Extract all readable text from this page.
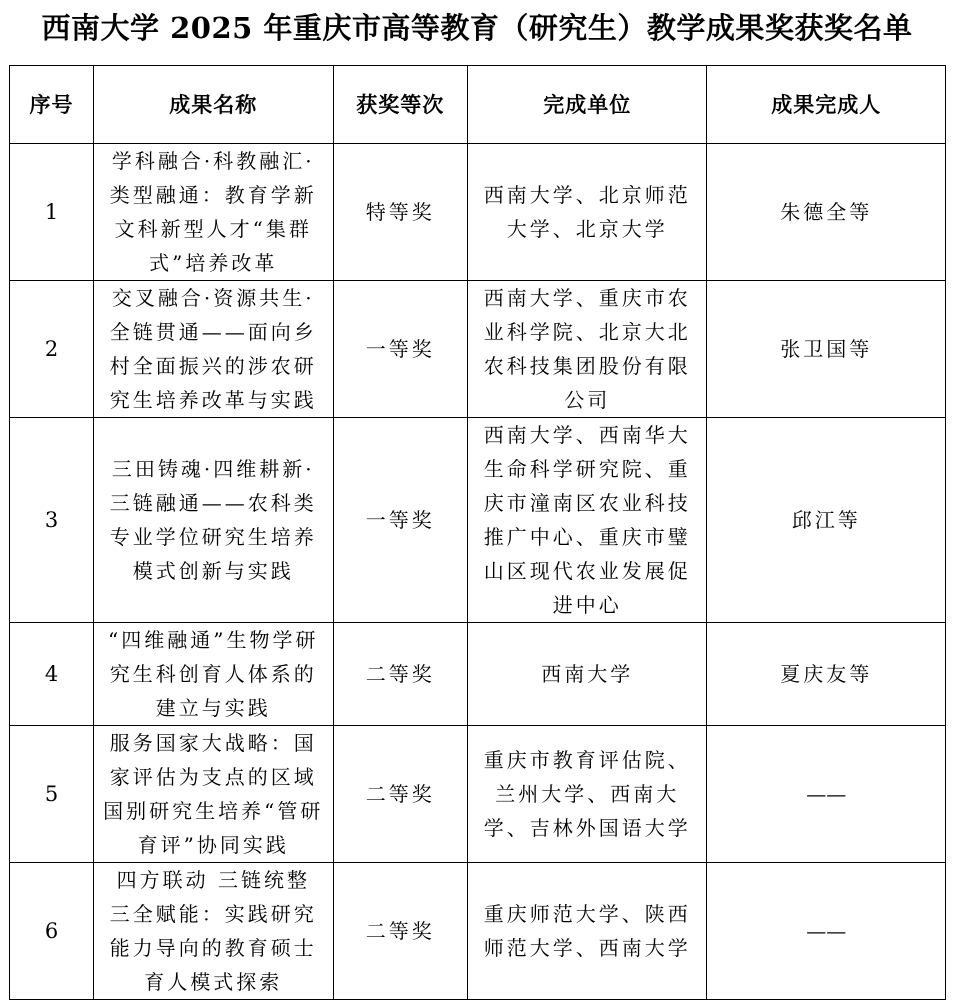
西南大学 2025 年重庆市高等教育（研究生）教学成果奖获奖名单
序号	成果名称	获奖等次	完成单位	成果完成人
1	学科融合·科教融汇·类型融通：教育学新文科新型人才“集群式”培养改革	特等奖	西南大学、北京师范大学、北京大学	朱德全等
2	交叉融合·资源共生·全链贯通——面向乡村全面振兴的涉农研究生培养改革与实践	一等奖	西南大学、重庆市农业科学院、北京大北农科技集团股份有限公司	张卫国等
3	三田铸魂·四维耕新·三链融通——农科类专业学位研究生培养模式创新与实践	一等奖	西南大学、西南华大生命科学研究院、重庆市潼南区农业科技推广中心、重庆市璧山区现代农业发展促进中心	邱江等
4	“四维融通”生物学研究生科创育人体系的建立与实践	二等奖	西南大学	夏庆友等
5	服务国家大战略：国家评估为支点的区域国别研究生培养“管研育评”协同实践	二等奖	重庆市教育评估院、兰州大学、西南大学、吉林外国语大学	——
6	四方联动 三链统整 三全赋能：实践研究能力导向的教育硕士育人模式探索	二等奖	重庆师范大学、陕西师范大学、西南大学	——
